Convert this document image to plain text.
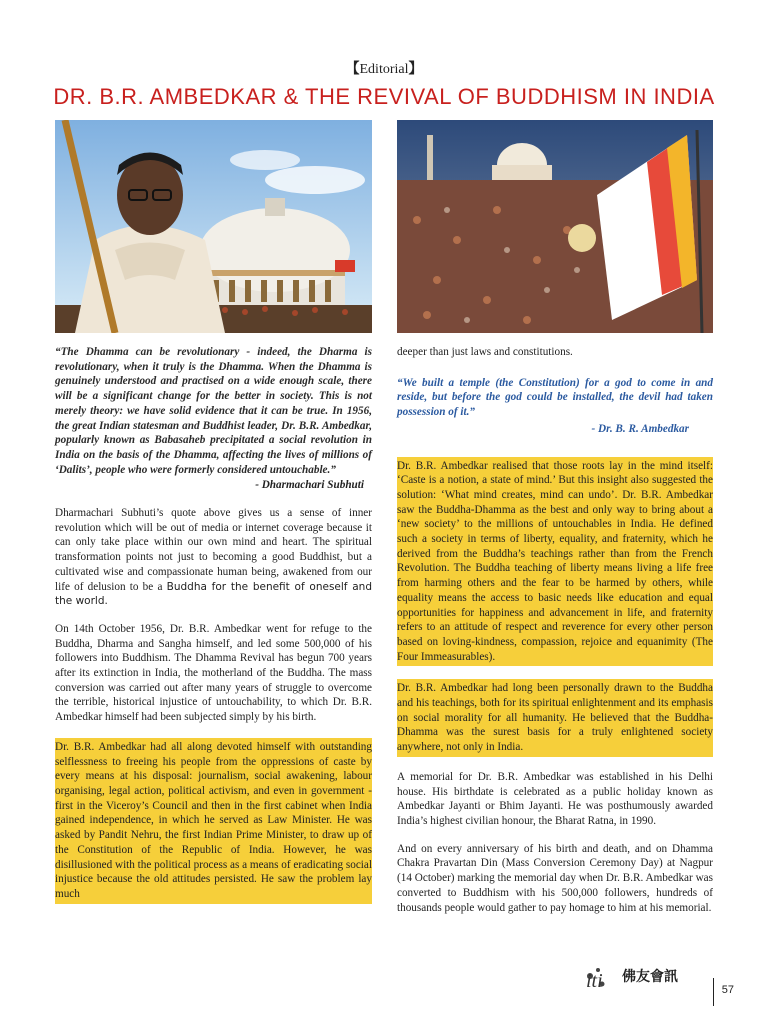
【Editorial】
DR. B.R. AMBEDKAR & THE REVIVAL OF BUDDHISM IN INDIA

“The Dhamma can be revolutionary - indeed, the Dharma is revolutionary, when it truly is the Dhamma. When the Dhamma is genuinely understood and practised on a wide enough scale, there will be a significant change for the better in society. This is not merely theory: we have solid evidence that it can be true. In 1956, the great Indian statesman and Buddhist leader, Dr. B.R. Ambedkar, popularly known as Babasaheb precipitated a social revolution in India on the basis of the Dhamma, affecting the lives of millions of ‘Dalits’, people who were formerly considered untouchable.”

- Dharmachari Subhuti

Dharmachari Subhuti’s quote above gives us a sense of inner revolution which will be out of media or internet coverage because it can only take place within our own mind and heart. The spiritual transformation points not just to becoming a good Buddhist, but a cultivated wise and compassionate human being, awakened from our life of delusion to be a Buddha for the benefit of oneself and the world.

On 14th October 1956, Dr. B.R. Ambedkar went for refuge to the Buddha, Dharma and Sangha himself, and led some 500,000 of his followers into Buddhism. The Dhamma Revival has begun 700 years after its extinction in India, the motherland of the Buddha. The mass conversion was carried out after many years of struggle to overcome the terrible, historical injustice of untouchability, to which Dr. B.R. Ambedkar himself had been subjected simply by his birth.

Dr. B.R. Ambedkar had all along devoted himself with outstanding selflessness to freeing his people from the oppressions of caste by every means at his disposal: journalism, social awakening, labour organising, legal action, political activism, and even in government - first in the Viceroy’s Council and then in the first cabinet when India gained independence, in which he served as Law Minister. He was asked by Pandit Nehru, the first Indian Prime Minister, to draw up of the Constitution of the Republic of India. However, he was disillusioned with the political process as a means of eradicating social injustice because the old attitudes persisted. He saw the problem lay much

deeper than just laws and constitutions.

“We built a temple (the Constitution) for a god to come in and reside, but before the god could be installed, the devil had taken possession of it.”

- Dr. B. R. Ambedkar

Dr. B.R. Ambedkar realised that those roots lay in the mind itself: ‘Caste is a notion, a state of mind.’ But this insight also suggested the solution: ‘What mind creates, mind can undo’. Dr. B.R. Ambedkar saw the Buddha-Dhamma as the best and only way to bring about a ‘new society’ to the millions of untouchables in India. He defined such a society in terms of liberty, equality, and fraternity, which he derived from the Buddha’s teachings rather than from the French Revolution. The Buddha teaching of liberty means living a life free from harming others and the fear to be harmed by others, while equality means the access to basic needs like education and equal opportunities for happiness and advancement in life, and fraternity refers to an attitude of respect and reverence for every other person based on loving-kindness, compassion, rejoice and equanimity (The Four Immeasurables).

Dr. B.R. Ambedkar had long been personally drawn to the Buddha and his teachings, both for its spiritual enlightenment and its emphasis on social morality for all humanity. He believed that the Buddha-Dhamma was the surest basis for a truly enlightened society anywhere, not only in India.

A memorial for Dr. B.R. Ambedkar was established in his Delhi house. His birthdate is celebrated as a public holiday known as Ambedkar Jayanti or Bhim Jayanti. He was posthumously awarded India’s highest civilian honour, the Bharat Ratna, in 1990.

And on every anniversary of his birth and death, and on Dhamma Chakra Pravartan Din (Mass Conversion Ceremony Day) at Nagpur (14 October) marking the memorial day when Dr. B.R. Ambedkar was converted to Buddhism with his 500,000 followers, hundreds of thousands people would gather to pay homage to him at his memorial.

iti 佛友會訊
57
